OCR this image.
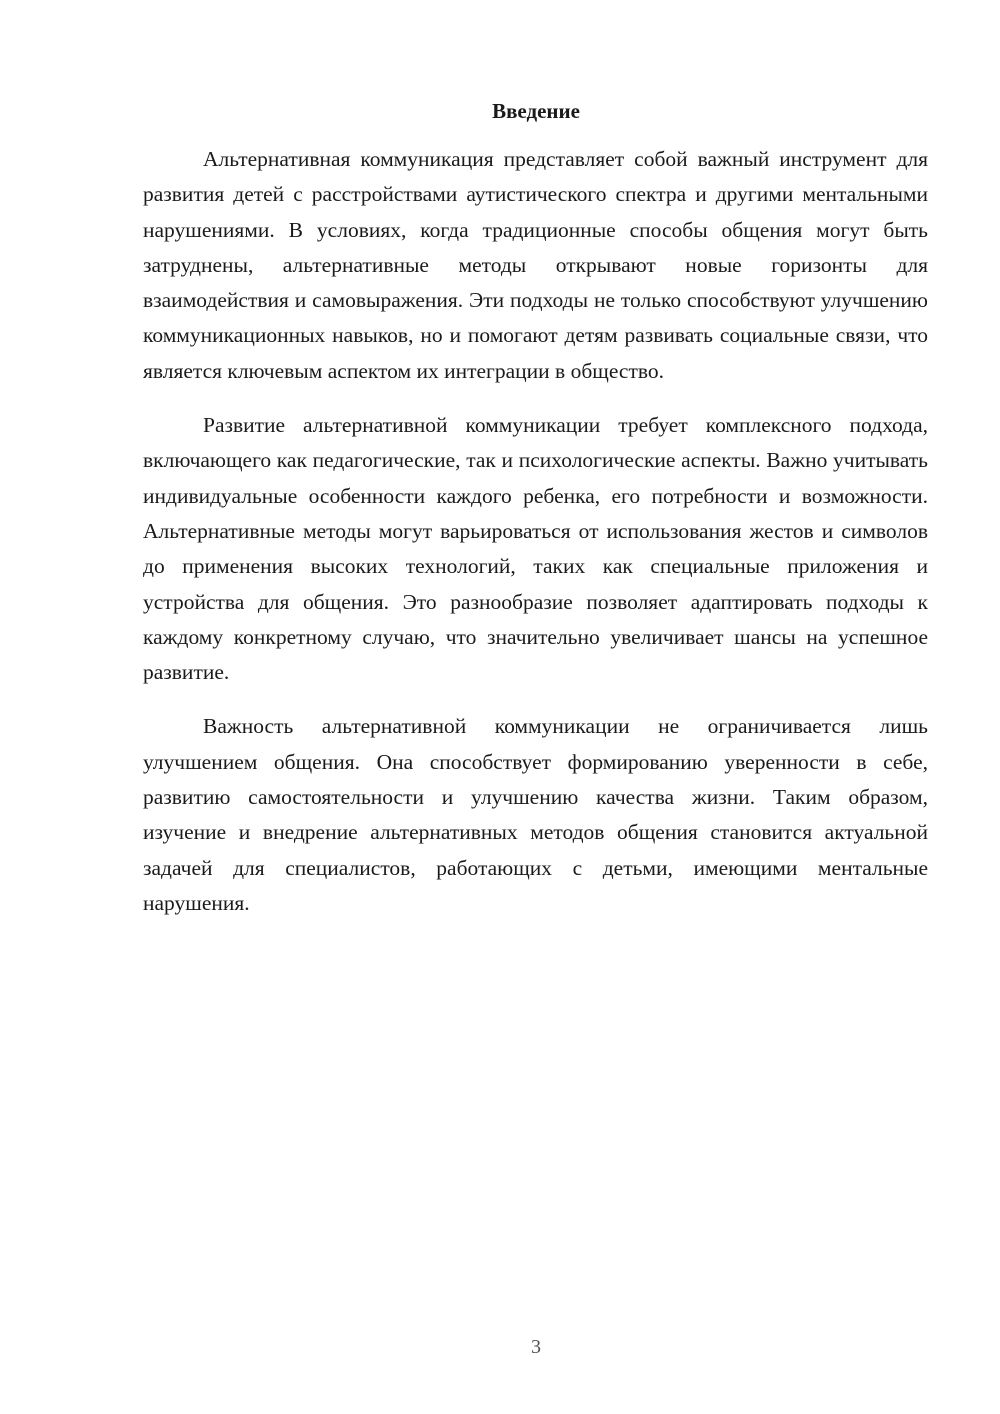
Введение

Альтернативная коммуникация представляет собой важный инструмент для развития детей с расстройствами аутистического спектра и другими ментальными нарушениями. В условиях, когда традиционные способы общения могут быть затруднены, альтернативные методы открывают новые горизонты для взаимодействия и самовыражения. Эти подходы не только способствуют улучшению коммуникационных навыков, но и помогают детям развивать социальные связи, что является ключевым аспектом их интеграции в общество.

Развитие альтернативной коммуникации требует комплексного подхода, включающего как педагогические, так и психологические аспекты. Важно учитывать индивидуальные особенности каждого ребенка, его потребности и возможности. Альтернативные методы могут варьироваться от использования жестов и символов до применения высоких технологий, таких как специальные приложения и устройства для общения. Это разнообразие позволяет адаптировать подходы к каждому конкретному случаю, что значительно увеличивает шансы на успешное развитие.

Важность альтернативной коммуникации не ограничивается лишь улучшением общения. Она способствует формированию уверенности в себе, развитию самостоятельности и улучшению качества жизни. Таким образом, изучение и внедрение альтернативных методов общения становится актуальной задачей для специалистов, работающих с детьми, имеющими ментальные нарушения.

3
